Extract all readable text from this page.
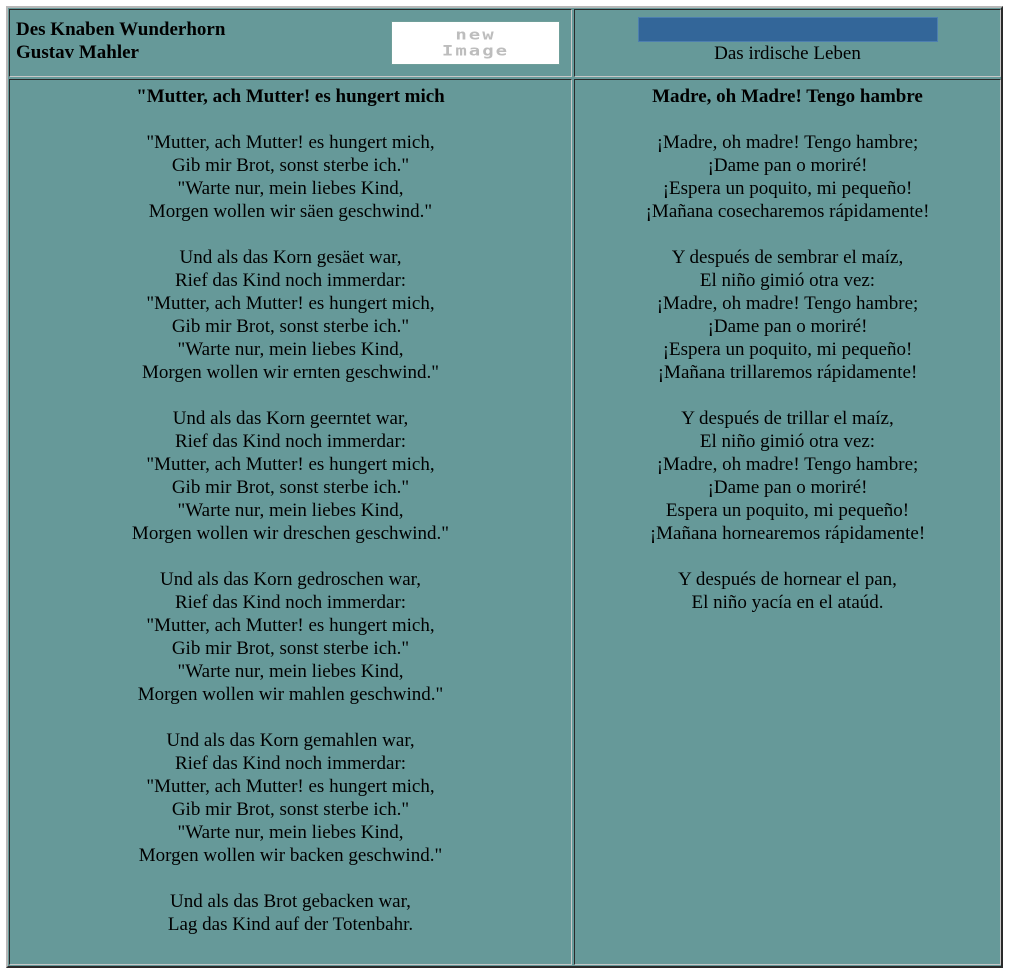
Des Knaben Wunderhorn
Gustav Mahler
new
Image	Das irdische Leben
"Mutter, ach Mutter! es hungert mich
"Mutter, ach Mutter! es hungert mich,
Gib mir Brot, sonst sterbe ich."
"Warte nur, mein liebes Kind,
Morgen wollen wir säen geschwind."
Und als das Korn gesäet war,
Rief das Kind noch immerdar:
"Mutter, ach Mutter! es hungert mich,
Gib mir Brot, sonst sterbe ich."
"Warte nur, mein liebes Kind,
Morgen wollen wir ernten geschwind."
Und als das Korn geerntet war,
Rief das Kind noch immerdar:
"Mutter, ach Mutter! es hungert mich,
Gib mir Brot, sonst sterbe ich."
"Warte nur, mein liebes Kind,
Morgen wollen wir dreschen geschwind."
Und als das Korn gedroschen war,
Rief das Kind noch immerdar:
"Mutter, ach Mutter! es hungert mich,
Gib mir Brot, sonst sterbe ich."
"Warte nur, mein liebes Kind,
Morgen wollen wir mahlen geschwind."
Und als das Korn gemahlen war,
Rief das Kind noch immerdar:
"Mutter, ach Mutter! es hungert mich,
Gib mir Brot, sonst sterbe ich."
"Warte nur, mein liebes Kind,
Morgen wollen wir backen geschwind."
Und als das Brot gebacken war,
Lag das Kind auf der Totenbahr.
Madre, oh Madre! Tengo hambre
¡Madre, oh madre! Tengo hambre;
¡Dame pan o moriré!
¡Espera un poquito, mi pequeño!
¡Mañana cosecharemos rápidamente!
Y después de sembrar el maíz,
El niño gimió otra vez:
¡Madre, oh madre! Tengo hambre;
¡Dame pan o moriré!
¡Espera un poquito, mi pequeño!
¡Mañana trillaremos rápidamente!
Y después de trillar el maíz,
El niño gimió otra vez:
¡Madre, oh madre! Tengo hambre;
¡Dame pan o moriré!
Espera un poquito, mi pequeño!
¡Mañana hornearemos rápidamente!
Y después de hornear el pan,
El niño yacía en el ataúd.
